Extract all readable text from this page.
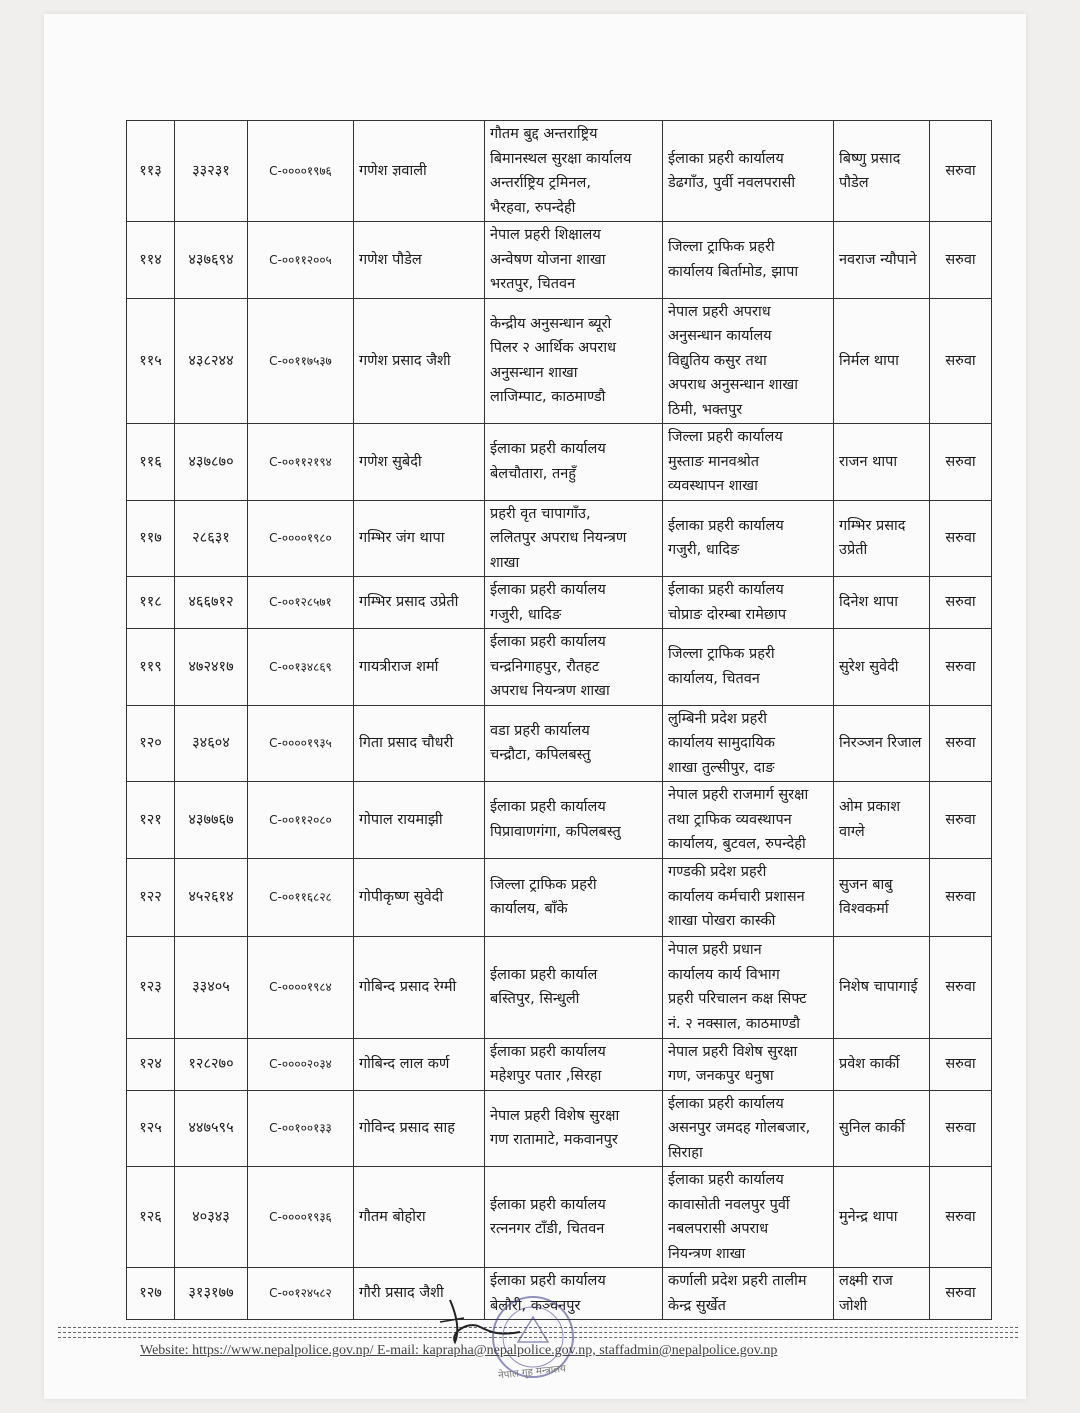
११३	३३२३१	C-००००१९७६	गणेश ज्ञवाली	गौतम बुद्द अन्तराष्ट्रिय
बिमानस्थल सुरक्षा कार्यालय
अन्तर्राष्ट्रिय ट्रमिनल,
भैरहवा, रुपन्देही	ईलाका प्रहरी कार्यालय
डेढगाँउ, पुर्वी नवलपरासी	बिष्णु प्रसाद पौडेल	सरुवा
११४	४३७६९४	C-००११२००५	गणेश पौडेल	नेपाल प्रहरी शिक्षालय
अन्वेषण योजना शाखा
भरतपुर, चितवन	जिल्ला ट्राफिक प्रहरी
कार्यालय बिर्तामोड, झापा	नवराज न्यौपाने	सरुवा
११५	४३८२४४	C-००११७५३७	गणेश प्रसाद जैशी	केन्द्रीय अनुसन्धान ब्यूरो
पिलर २ आर्थिक अपराध
अनुसन्धान शाखा
लाजिम्पाट, काठमाण्डौ	नेपाल प्रहरी अपराध
अनुसन्धान कार्यालय
विद्युतिय कसुर तथा
अपराध अनुसन्धान शाखा
ठिमी, भक्तपुर	निर्मल थापा	सरुवा
११६	४३७८७०	C-००११२१९४	गणेश सुबेदी	ईलाका प्रहरी कार्यालय
बेलचौतारा, तनहुँ	जिल्ला प्रहरी कार्यालय
मुस्ताङ मानवश्रोत
व्यवस्थापन शाखा	राजन थापा	सरुवा
११७	२८६३१	C-००००१९८०	गम्भिर जंग थापा	प्रहरी वृत चापागाँउ,
ललितपुर अपराध नियन्त्रण
शाखा	ईलाका प्रहरी कार्यालय
गजुरी, धादिङ	गम्भिर प्रसाद उप्रेती	सरुवा
११८	४६६७१२	C-००१२८५७१	गम्भिर प्रसाद उप्रेती	ईलाका प्रहरी कार्यालय
गजुरी, धादिङ	ईलाका प्रहरी कार्यालय
चोप्राङ दोरम्बा रामेछाप	दिनेश थापा	सरुवा
११९	४७२४१७	C-००१३४८६९	गायत्रीराज शर्मा	ईलाका प्रहरी कार्यालय
चन्द्रनिगाहपुर, रौतहट
अपराध नियन्त्रण शाखा	जिल्ला ट्राफिक प्रहरी
कार्यालय, चितवन	सुरेश सुवेदी	सरुवा
१२०	३४६०४	C-००००१९३५	गिता प्रसाद चौधरी	वडा प्रहरी कार्यालय
चन्द्रौटा, कपिलबस्तु	लुम्बिनी प्रदेश प्रहरी
कार्यालय सामुदायिक
शाखा तुल्सीपुर, दाङ	निरञ्जन रिजाल	सरुवा
१२१	४३७७६७	C-००११२०८०	गोपाल रायमाझी	ईलाका प्रहरी कार्यालय
पिप्रावाणगंगा, कपिलबस्तु	नेपाल प्रहरी राजमार्ग सुरक्षा
तथा ट्राफिक व्यवस्थापन
कार्यालय, बुटवल, रुपन्देही	ओम प्रकाश वाग्ले	सरुवा
१२२	४५२६१४	C-००११६८२८	गोपीकृष्ण सुवेदी	जिल्ला ट्राफिक प्रहरी
कार्यालय, बाँके	गण्डकी प्रदेश प्रहरी
कार्यालय कर्मचारी प्रशासन
शाखा पोखरा कास्की	सुजन बाबु विश्वकर्मा	सरुवा
१२३	३३४०५	C-००००१९८४	गोबिन्द प्रसाद रेग्मी	ईलाका प्रहरी कार्याल
बस्तिपुर, सिन्धुली	नेपाल प्रहरी प्रधान
कार्यालय कार्य विभाग
प्रहरी परिचालन कक्ष सिफ्ट
नं. २ नक्साल, काठमाण्डौ	निशेष चापागाई	सरुवा
१२४	१२८२७०	C-००००२०३४	गोबिन्द लाल कर्ण	ईलाका प्रहरी कार्यालय
महेशपुर पतार ,सिरहा	नेपाल प्रहरी विशेष सुरक्षा
गण, जनकपुर धनुषा	प्रवेश कार्की	सरुवा
१२५	४४७५९५	C-००१००१३३	गोविन्द प्रसाद साह	नेपाल प्रहरी विशेष सुरक्षा
गण रातामाटे, मकवानपुर	ईलाका प्रहरी कार्यालय
असनपुर जमदह गोलबजार,
सिराहा	सुनिल कार्की	सरुवा
१२६	४०३४३	C-००००१९३६	गौतम बोहोरा	ईलाका प्रहरी कार्यालय
रत्ननगर टाँडी, चितवन	ईलाका प्रहरी कार्यालय
कावासोती नवलपुर पुर्वी
नबलपरासी अपराध
नियन्त्रण शाखा	मुनेन्द्र थापा	सरुवा
१२७	३१३१७७	C-००१२४५८२	गौरी प्रसाद जैशी	ईलाका प्रहरी कार्यालय
बेलौरी, कञ्चनपुर	कर्णाली प्रदेश प्रहरी तालीम
केन्द्र सुर्खेत	लक्ष्मी राज जोशी	सरुवा
नेपाल गृह मन्त्रालय
Website: https://www.nepalpolice.gov.np/ E-mail: kaprapha@nepalpolice.gov.np, staffadmin@nepalpolice.gov.np
